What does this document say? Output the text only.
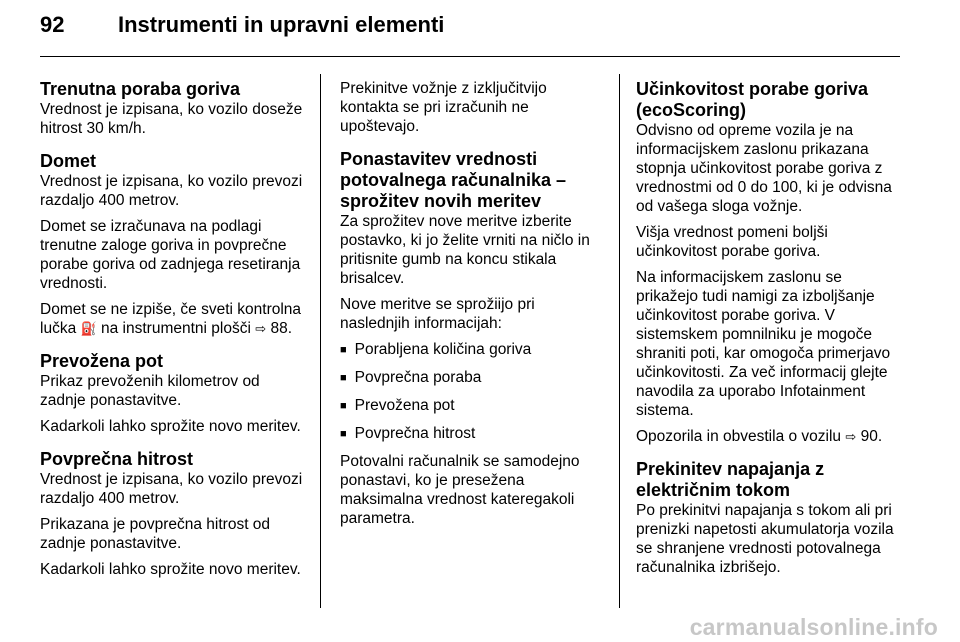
92	Instrumenti in upravni elementi
Trenutna poraba goriva

Vrednost je izpisana, ko vozilo doseže hitrost 30 km/h.

Domet

Vrednost je izpisana, ko vozilo prevozi razdaljo 400 metrov.

Domet se izračunava na podlagi trenutne zaloge goriva in povprečne porabe goriva od zadnjega resetiranja vrednosti.

Domet se ne izpiše, če sveti kontrolna lučka ⛽ na instrumentni plošči ⇨ 88.

Prevožena pot

Prikaz prevoženih kilometrov od zadnje ponastavitve.

Kadarkoli lahko sprožite novo meritev.

Povprečna hitrost

Vrednost je izpisana, ko vozilo prevozi razdaljo 400 metrov.

Prikazana je povprečna hitrost od zadnje ponastavitve.

Kadarkoli lahko sprožite novo meritev.

Prekinitve vožnje z izključitvijo kontakta se pri izračunih ne upoštevajo.

Ponastavitev vrednosti potovalnega računalnika – sprožitev novih meritev

Za sprožitev nove meritve izberite postavko, ki jo želite vrniti na ničlo in pritisnite gumb na koncu stikala brisalcev.

Nove meritve se sprožiijo pri naslednjih informacijah:

■ Porabljena količina goriva
■ Povprečna poraba
■ Prevožena pot
■ Povprečna hitrost

Potovalni računalnik se samodejno ponastavi, ko je presežena maksimalna vrednost kateregakoli parametra.

Učinkovitost porabe goriva (ecoScoring)

Odvisno od opreme vozila je na informacijskem zaslonu prikazana stopnja učinkovitost porabe goriva z vrednostmi od 0 do 100, ki je odvisna od vašega sloga vožnje.

Višja vrednost pomeni boljši učinkovitost porabe goriva.

Na informacijskem zaslonu se prikažejo tudi namigi za izboljšanje učinkovitost porabe goriva. V sistemskem pomnilniku je mogoče shraniti poti, kar omogoča primerjavo učinkovitosti. Za več informacij glejte navodila za uporabo Infotainment sistema.

Opozorila in obvestila o vozilu ⇨ 90.

Prekinitev napajanja z električnim tokom

Po prekinitvi napajanja s tokom ali pri prenizki napetosti akumulatorja vozila se shranjene vrednosti potovalnega računalnika izbrišejo.

carmanualsonline.info
